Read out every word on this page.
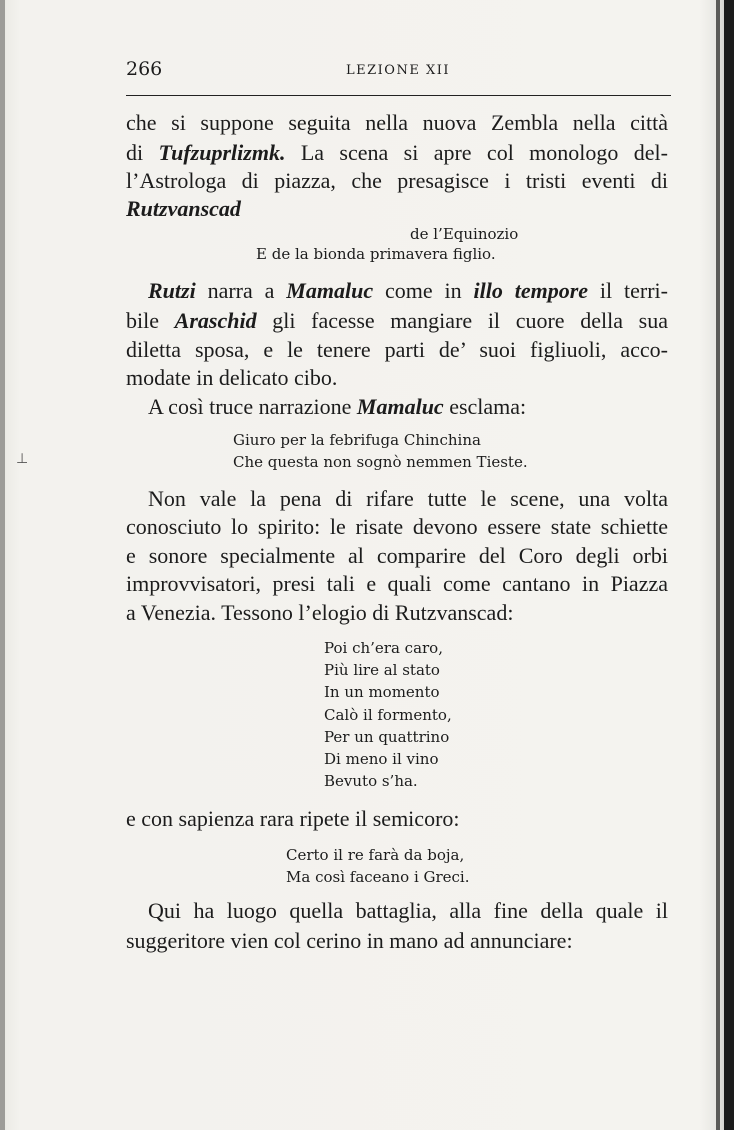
266	LEZIONE XII
⊥
che si suppone seguita nella nuova Zembla nella città
di Tufzuprlizmk. La scena si apre col monologo del-
l’Astrologa di piazza, che presagisce i tristi eventi di
Rutzvanscad
de l’Equinozio
E de la bionda primavera figlio.
Rutzi narra a Mamaluc come in illo tempore il terri-
bile Araschid gli facesse mangiare il cuore della sua
diletta sposa, e le tenere parti de’ suoi figliuoli, acco-
modate in delicato cibo.
A così truce narrazione Mamaluc esclama:
Giuro per la febrifuga Chinchina
Che questa non sognò nemmen Tieste.
Non vale la pena di rifare tutte le scene, una volta
conosciuto lo spirito: le risate devono essere state schiette
e sonore specialmente al comparire del Coro degli orbi
improvvisatori, presi tali e quali come cantano in Piazza
a Venezia. Tessono l’elogio di Rutzvanscad:
Poi ch’era caro,
Più lire al stato
In un momento
Calò il formento,
Per un quattrino
Di meno il vino
Bevuto s’ha.
e con sapienza rara ripete il semicoro:
Certo il re farà da boja,
Ma così faceano i Greci.
Qui ha luogo quella battaglia, alla fine della quale il
suggeritore vien col cerino in mano ad annunciare:
